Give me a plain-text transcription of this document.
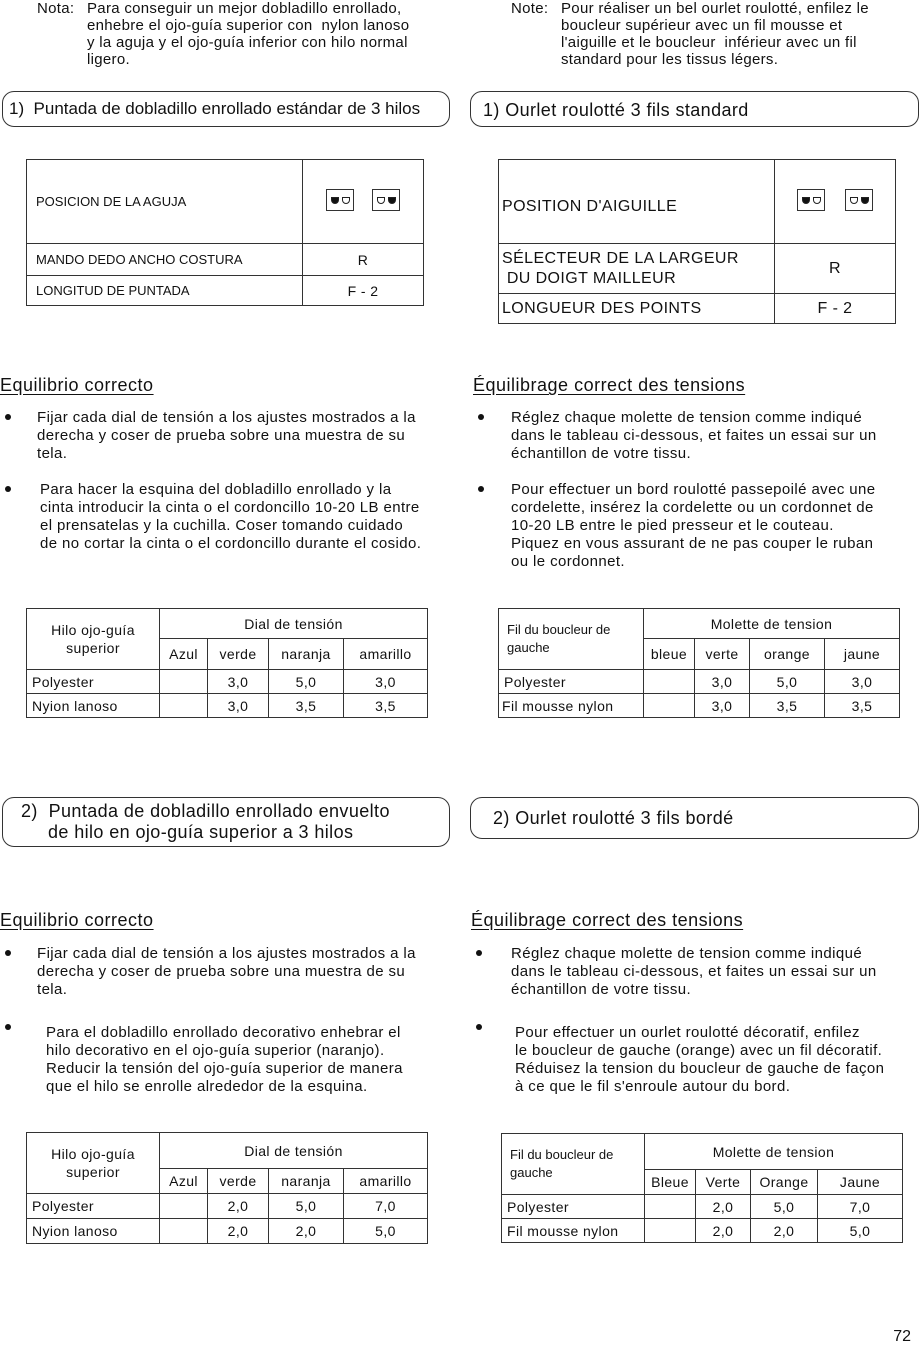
Nota: Para conseguir un mejor dobladillo enrollado,
enhebre el ojo-guía superior con  nylon lanoso
y la aguja y el ojo-guía inferior con hilo normal
ligero.
Note: Pour réaliser un bel ourlet roulotté, enfilez le
boucleur supérieur avec un fil mousse et
l'aiguille et le boucleur  inférieur avec un fil
standard pour les tissus légers.
1)  Puntada de dobladillo enrollado estándar de 3 hilos	1) Ourlet roulotté 3 fils standard
POSICION DE LA AGUJA	

MANDO DEDO ANCHO COSTURA	R
LONGITUD DE PUNTADA	F - 2
POSITION D'AIGUILLE	

SÉLECTEUR DE LA LARGEUR
DU DOIGT MAILLEUR	R
LONGUEUR DES POINTS	F - 2
Equilibrio correcto	Équilibrage correct des tensions
Fijar cada dial de tensión a los ajustes mostrados a la
derecha y coser de prueba sobre una muestra de su
tela.
Para hacer la esquina del dobladillo enrollado y la
cinta introducir la cinta o el cordoncillo 10-20 LB entre
el prensatelas y la cuchilla. Coser tomando cuidado
de no cortar la cinta o el cordoncillo durante el cosido.
Réglez chaque molette de tension comme indiqué
dans le tableau ci-dessous, et faites un essai sur un
échantillon de votre tissu.
Pour effectuer un bord roulotté passepoilé avec une
cordelette, insérez la cordelette ou un cordonnet de
10-20 LB entre le pied presseur et le couteau.
Piquez en vous assurant de ne pas couper le ruban
ou le cordonnet.
Hilo ojo-guía
superior	Dial de tensión			
	Azul	verde	naranja	amarillo
Polyester		3,0	5,0	3,0
Nyion lanoso		3,0	3,5	3,5
Fil du boucleur de
gauche	Molette de tension			
	bleue	verte	orange	jaune
Polyester		3,0	5,0	3,0
Fil mousse nylon		3,0	3,5	3,5
2)  Puntada de dobladillo enrollado envuelto
de hilo en ojo-guía superior a 3 hilos
2) Ourlet roulotté 3 fils bordé
Equilibrio correcto	Équilibrage correct des tensions
Fijar cada dial de tensión a los ajustes mostrados a la
derecha y coser de prueba sobre una muestra de su
tela.
Para el dobladillo enrollado decorativo enhebrar el
hilo decorativo en el ojo-guía superior (naranjo).
Reducir la tensión del ojo-guía superior de manera
que el hilo se enrolle alrededor de la esquina.
Réglez chaque molette de tension comme indiqué
dans le tableau ci-dessous, et faites un essai sur un
échantillon de votre tissu.
Pour effectuer un ourlet roulotté décoratif, enfilez
le boucleur de gauche (orange) avec un fil décoratif.
Réduisez la tension du boucleur de gauche de façon
à ce que le fil s'enroule autour du bord.
Hilo ojo-guía
superior	Dial de tensión			
	Azul	verde	naranja	amarillo
Polyester		2,0	5,0	7,0
Nyion lanoso		2,0	2,0	5,0
Fil du boucleur de
gauche	Molette de tension			
	Bleue	Verte	Orange	Jaune
Polyester		2,0	5,0	7,0
Fil mousse nylon		2,0	2,0	5,0
72
